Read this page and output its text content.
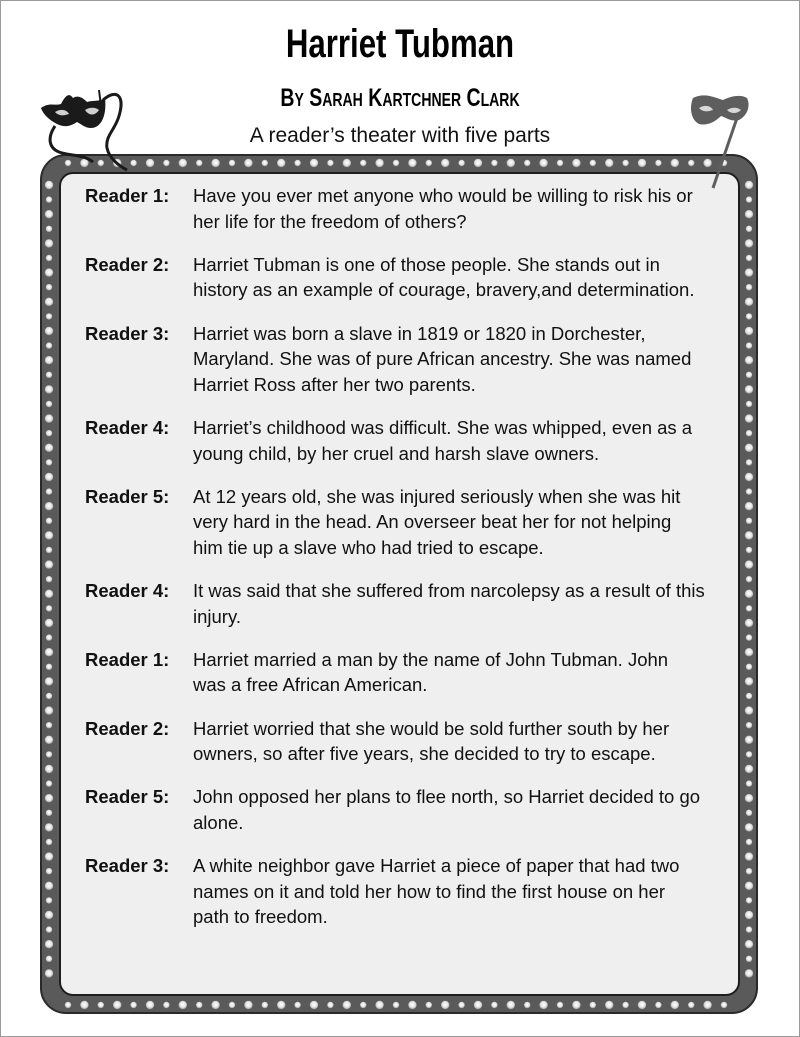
Harriet Tubman
By Sarah Kartchner Clark
A reader’s theater with five parts
Reader 1:	Have you ever met anyone who would be willing to risk his or her life for the freedom of others?
Reader 2:	Harriet Tubman is one of those people. She stands out in history as an example of courage, bravery,and determination.
Reader 3:	Harriet was born a slave in 1819 or 1820 in Dorchester, Maryland. She was of pure African ancestry. She was named Harriet Ross after her two parents.
Reader 4:	Harriet’s childhood was difficult. She was whipped, even as a young child, by her cruel and harsh slave owners.
Reader 5:	At 12 years old, she was injured seriously when she was hit very hard in the head. An overseer beat her for not helping him tie up a slave who had tried to escape.
Reader 4:	It was said that she suffered from narcolepsy as a result of this injury.
Reader 1:	Harriet married a man by the name of John Tubman. John was a free African American.
Reader 2:	Harriet worried that she would be sold further south by her owners, so after five years, she decided to try to escape.
Reader 5:	John opposed her plans to flee north, so Harriet decided to go alone.
Reader 3:	A white neighbor gave Harriet a piece of paper that had two names on it and told her how to find the first house on her path to freedom.
